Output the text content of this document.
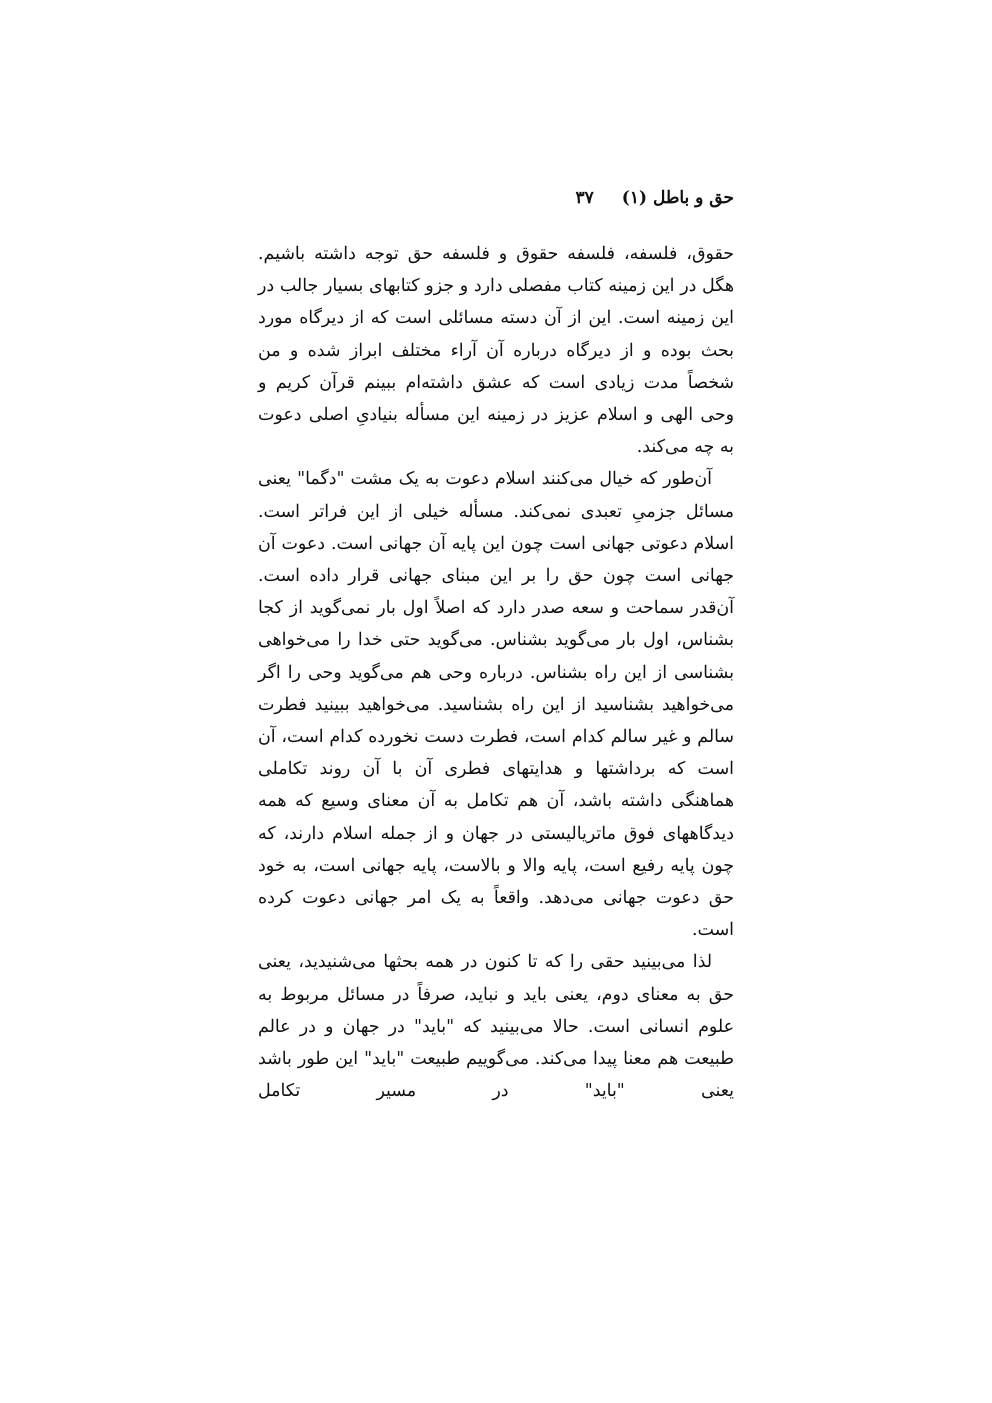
حق و باطل (۱)
۳۷

حقوق، فلسفه، فلسفه حقوق و فلسفه حق توجه داشته باشیم. هگل در این زمینه کتاب مفصلی دارد و جزو کتابهای بسیار جالب در این زمینه است. این از آن دسته مسائلی است که از دیرگاه مورد بحث بوده و از دیرگاه درباره آن آراء مختلف ابراز شده و من شخصاً مدت زیادی است که عشق داشته‌ام ببینم قرآن کریم و وحی الهی و اسلام عزیز در زمینه این مسأله بنیادیِ اصلی دعوت به چه می‌کند.

آن‌طور که خیال می‌کنند اسلام دعوت به یک مشت "دگما" یعنی مسائل جزمیِ تعبدی نمی‌کند. مسأله خیلی از این فراتر است. اسلام دعوتی جهانی است چون این پایه آن جهانی است. دعوت آن جهانی است چون حق را بر این مبنای جهانی قرار داده است. آن‌قدر سماحت و سعه صدر دارد که اصلاً اول بار نمی‌گوید از کجا بشناس، اول بار می‌گوید بشناس. می‌گوید حتی خدا را می‌خواهی بشناسی از این راه بشناس. درباره وحی هم می‌گوید وحی را اگر می‌خواهید بشناسید از این راه بشناسید. می‌خواهید ببینید فطرت سالم و غیر سالم کدام است، فطرت دست نخورده کدام است، آن است که برداشتها و هدایتهای فطری آن با آن روند تکاملی هماهنگی داشته باشد، آن هم تکامل به آن معنای وسیع که همه دیدگاههای فوق ماتریالیستی در جهان و از جمله اسلام دارند، که چون پایه رفیع است، پایه والا و بالاست، پایه جهانی است، به خود حق دعوت جهانی می‌دهد. واقعاً به یک امر جهانی دعوت کرده است.

لذا می‌بینید حقی را که تا کنون در همه بحثها می‌شنیدید، یعنی حق به معنای دوم، یعنی باید و نباید، صرفاً در مسائل مربوط به علوم انسانی است. حالا می‌بینید که "باید" در جهان و در عالم طبیعت هم معنا پیدا می‌کند. می‌گوییم طبیعت "باید" این طور باشد یعنی "باید" در مسیر تکامل
